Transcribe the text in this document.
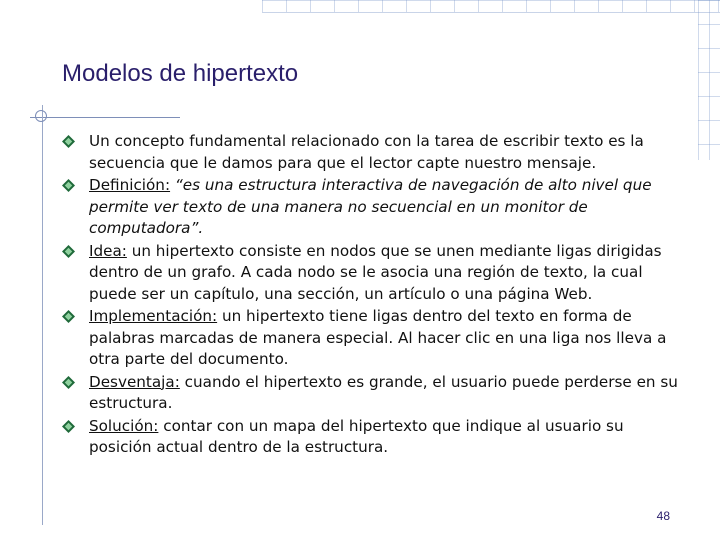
Modelos de hipertexto
Un concepto fundamental relacionado con la tarea de escribir texto es la secuencia que le damos para que el lector capte nuestro mensaje.
Definición: “es una estructura interactiva de navegación de alto nivel que permite ver texto de una manera no secuencial en un monitor de computadora”.
Idea: un hipertexto consiste en nodos que se unen mediante ligas dirigidas dentro de un grafo. A cada nodo se le asocia una región de texto, la cual puede ser un capítulo, una sección, un artículo o una página Web.
Implementación: un hipertexto tiene ligas dentro del texto en forma de palabras marcadas de manera especial. Al hacer clic en una liga nos lleva a otra parte del documento.
Desventaja: cuando el hipertexto es grande, el usuario puede perderse en su estructura.
Solución: contar con un mapa del hipertexto que indique al usuario su posición actual dentro de la estructura.
48
